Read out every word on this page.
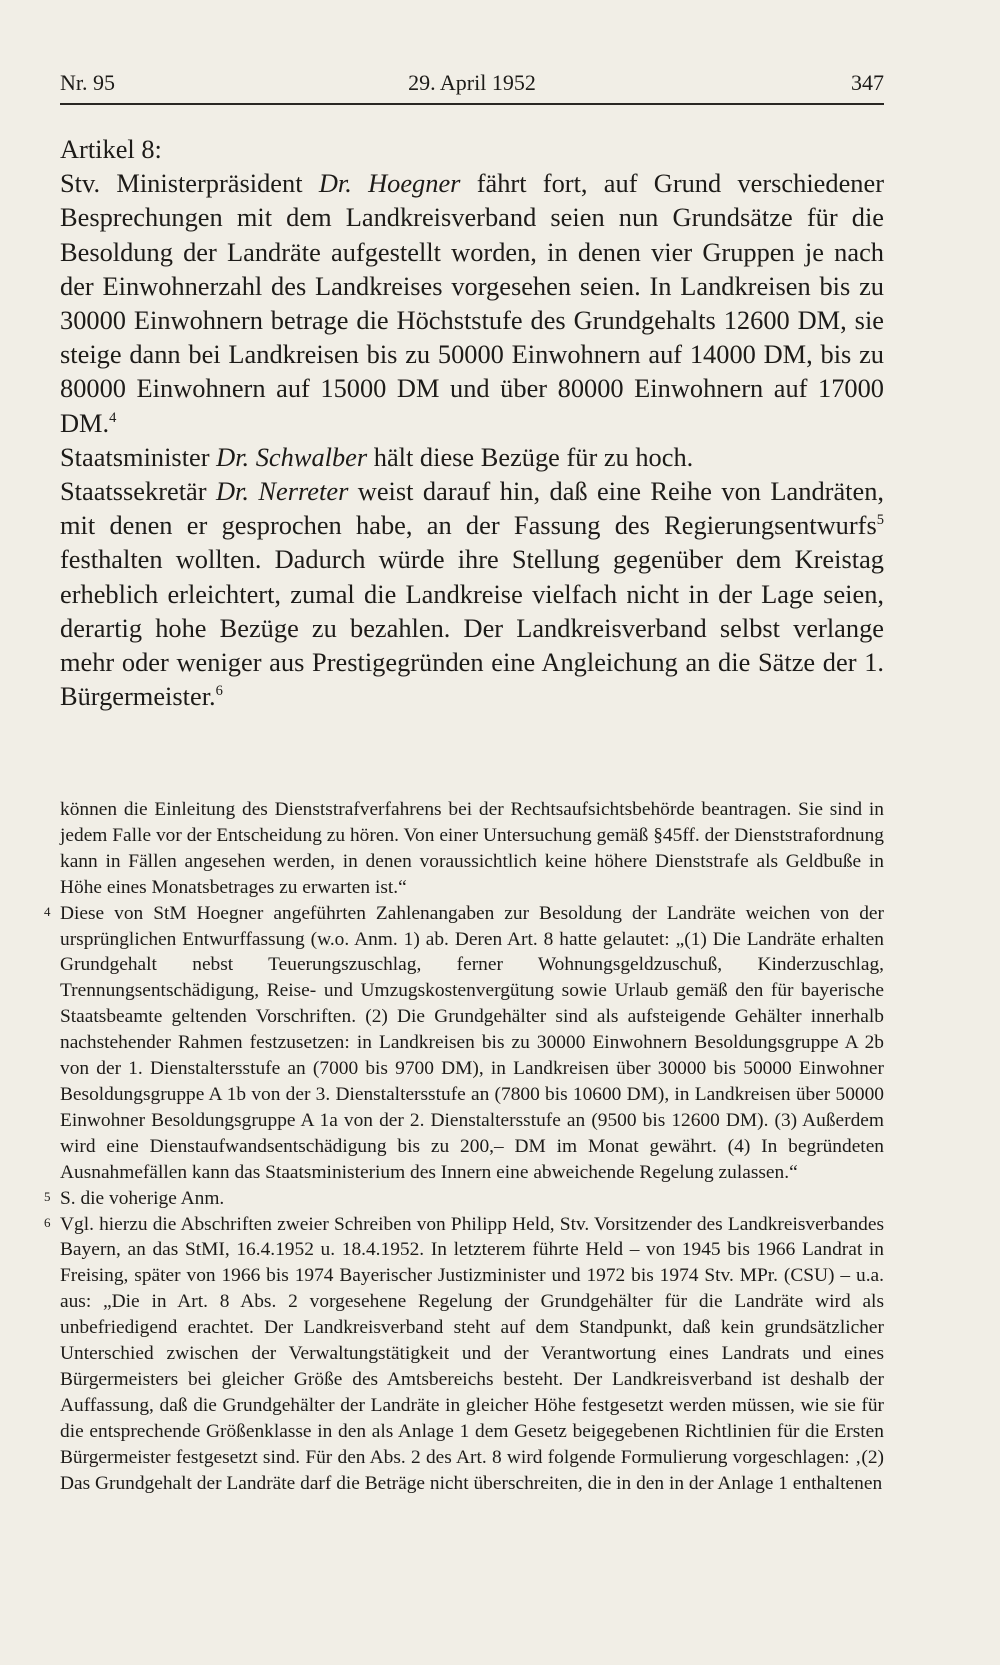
Nr. 95	29. April 1952	347

Artikel 8:

Stv. Ministerpräsident Dr. Hoegner fährt fort, auf Grund verschiedener Besprechungen mit dem Landkreisverband seien nun Grundsätze für die Besoldung der Landräte aufgestellt worden, in denen vier Gruppen je nach der Einwohnerzahl des Landkreises vorgesehen seien. In Landkreisen bis zu 30000 Einwohnern betrage die Höchststufe des Grundgehalts 12600 DM, sie steige dann bei Landkreisen bis zu 50000 Einwohnern auf 14000 DM, bis zu 80000 Einwohnern auf 15000 DM und über 80000 Einwohnern auf 17000 DM.$^4$

Staatsminister Dr. Schwalber hält diese Bezüge für zu hoch.

Staatssekretär Dr. Nerreter weist darauf hin, daß eine Reihe von Landräten, mit denen er gesprochen habe, an der Fassung des Regierungsentwurfs$^5$ festhalten wollten. Dadurch würde ihre Stellung gegenüber dem Kreistag erheblich erleichtert, zumal die Landkreise vielfach nicht in der Lage seien, derartig hohe Bezüge zu bezahlen. Der Landkreisverband selbst verlange mehr oder weniger aus Prestigegründen eine Angleichung an die Sätze der 1. Bürgermeister.$^6$

können die Einleitung des Dienststrafverfahrens bei der Rechtsaufsichtsbehörde beantragen. Sie sind in jedem Falle vor der Entscheidung zu hören. Von einer Untersuchung gemäß §45ff. der Dienststrafordnung kann in Fällen angesehen werden, in denen voraussichtlich keine höhere Dienststrafe als Geldbuße in Höhe eines Monatsbetrages zu erwarten ist.“

4 Diese von StM Hoegner angeführten Zahlenangaben zur Besoldung der Landräte weichen von der ursprünglichen Entwurffassung (w.o. Anm. 1) ab. Deren Art. 8 hatte gelautet: „(1) Die Landräte erhalten Grundgehalt nebst Teuerungszuschlag, ferner Wohnungsgeldzuschuß, Kinderzuschlag, Trennungsentschädigung, Reise- und Umzugskostenvergütung sowie Urlaub gemäß den für bayerische Staatsbeamte geltenden Vorschriften. (2) Die Grundgehälter sind als aufsteigende Gehälter innerhalb nachstehender Rahmen festzusetzen: in Landkreisen bis zu 30000 Einwohnern Besoldungsgruppe A 2b von der 1. Dienstaltersstufe an (7000 bis 9700 DM), in Landkreisen über 30000 bis 50000 Einwohner Besoldungsgruppe A 1b von der 3. Dienstaltersstufe an (7800 bis 10600 DM), in Landkreisen über 50000 Einwohner Besoldungsgruppe A 1a von der 2. Dienstaltersstufe an (9500 bis 12600 DM). (3) Außerdem wird eine Dienstaufwandsentschädigung bis zu 200,– DM im Monat gewährt. (4) In begründeten Ausnahmefällen kann das Staatsministerium des Innern eine abweichende Regelung zulassen.“

5 S. die voherige Anm.

6 Vgl. hierzu die Abschriften zweier Schreiben von Philipp Held, Stv. Vorsitzender des Landkreisverbandes Bayern, an das StMI, 16.4.1952 u. 18.4.1952. In letzterem führte Held – von 1945 bis 1966 Landrat in Freising, später von 1966 bis 1974 Bayerischer Justizminister und 1972 bis 1974 Stv. MPr. (CSU) – u.a. aus: „Die in Art. 8 Abs. 2 vorgesehene Regelung der Grundgehälter für die Landräte wird als unbefriedigend erachtet. Der Landkreisverband steht auf dem Standpunkt, daß kein grundsätzlicher Unterschied zwischen der Verwaltungstätigkeit und der Verantwortung eines Landrats und eines Bürgermeisters bei gleicher Größe des Amtsbereichs besteht. Der Landkreisverband ist deshalb der Auffassung, daß die Grundgehälter der Landräte in gleicher Höhe festgesetzt werden müssen, wie sie für die entsprechende Größenklasse in den als Anlage 1 dem Gesetz beigegebenen Richtlinien für die Ersten Bürgermeister festgesetzt sind. Für den Abs. 2 des Art. 8 wird folgende Formulierung vorgeschlagen: ‚(2) Das Grundgehalt der Landräte darf die Beträge nicht überschreiten, die in den in der Anlage 1 enthaltenen
